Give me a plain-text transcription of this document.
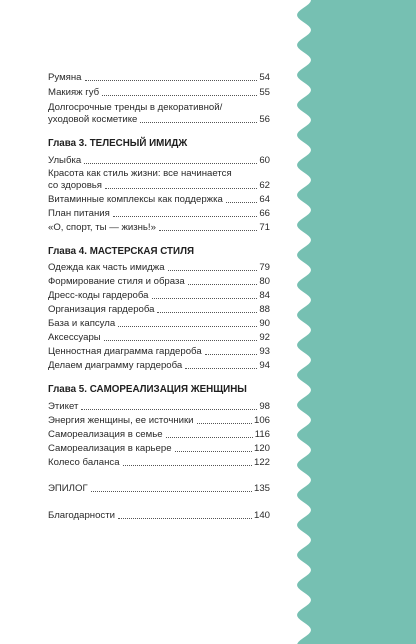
Румяна	54
Макияж губ	55
Долгосрочные тренды в декоративной/
уходовой косметике	56
Глава 3. ТЕЛЕСНЫЙ ИМИДЖ
Улыбка	60
Красота как стиль жизни: все начинается
со здоровья	62
Витаминные комплексы как поддержка	64
План питания	66
«О, спорт, ты — жизнь!»	71
Глава 4. МАСТЕРСКАЯ СТИЛЯ
Одежда как часть имиджа	79
Формирование стиля и образа	80
Дресс-коды гардероба	84
Организация гардероба	88
База и капсула	90
Аксессуары	92
Ценностная диаграмма гардероба	93
Делаем диаграмму гардероба	94
Глава 5. САМОРЕАЛИЗАЦИЯ ЖЕНЩИНЫ
Этикет	98
Энергия женщины, ее источники	106
Самореализация в семье	116
Самореализация в карьере	120
Колесо баланса	122
ЭПИЛОГ	135
Благодарности	140
